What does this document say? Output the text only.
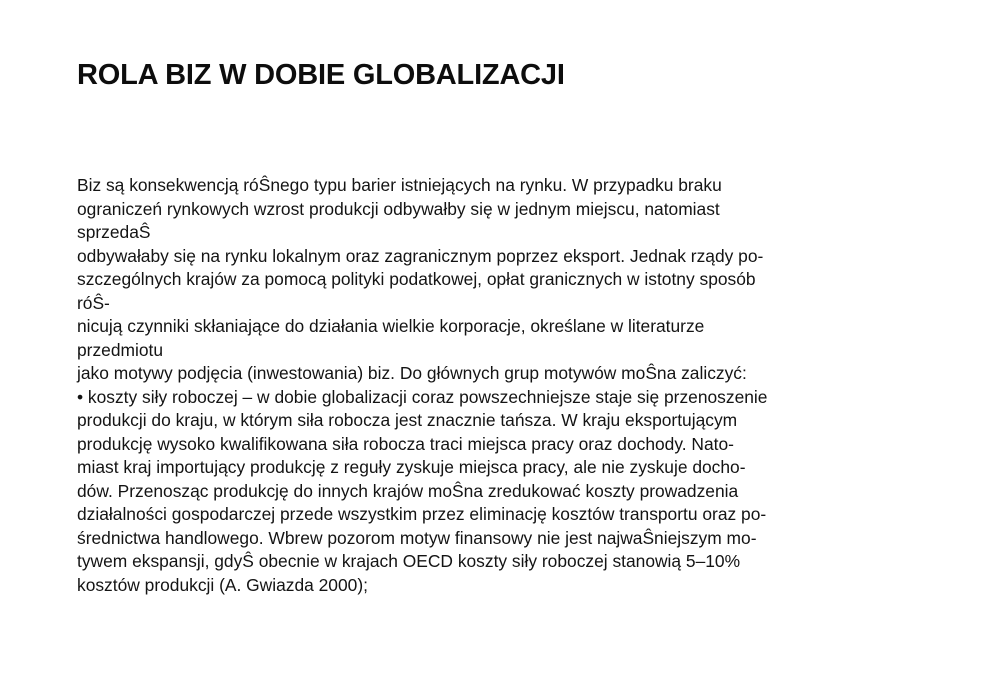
ROLA BIZ W DOBIE GLOBALIZACJI
Biz są konsekwencją róŜnego typu barier istniejących na rynku. W przypadku braku
ograniczeń rynkowych wzrost produkcji odbywałby się w jednym miejscu, natomiast
sprzedaŜ
odbywałaby się na rynku lokalnym oraz zagranicznym poprzez eksport. Jednak rządy po-
szczególnych krajów za pomocą polityki podatkowej, opłat granicznych w istotny sposób
róŜ-
nicują czynniki skłaniające do działania wielkie korporacje, określane w literaturze
przedmiotu
jako motywy podjęcia (inwestowania) biz. Do głównych grup motywów moŜna zaliczyć:
• koszty siły roboczej – w dobie globalizacji coraz powszechniejsze staje się przenoszenie
produkcji do kraju, w którym siła robocza jest znacznie tańsza. W kraju eksportującym
produkcję wysoko kwalifikowana siła robocza traci miejsca pracy oraz dochody. Nato-
miast kraj importujący produkcję z reguły zyskuje miejsca pracy, ale nie zyskuje docho-
dów. Przenosząc produkcję do innych krajów moŜna zredukować koszty prowadzenia
działalności gospodarczej przede wszystkim przez eliminację kosztów transportu oraz po-
średnictwa handlowego. Wbrew pozorom motyw finansowy nie jest najwaŜniejszym mo-
tywem ekspansji, gdyŜ obecnie w krajach OECD koszty siły roboczej stanowią 5–10%
kosztów produkcji (A. Gwiazda 2000);
